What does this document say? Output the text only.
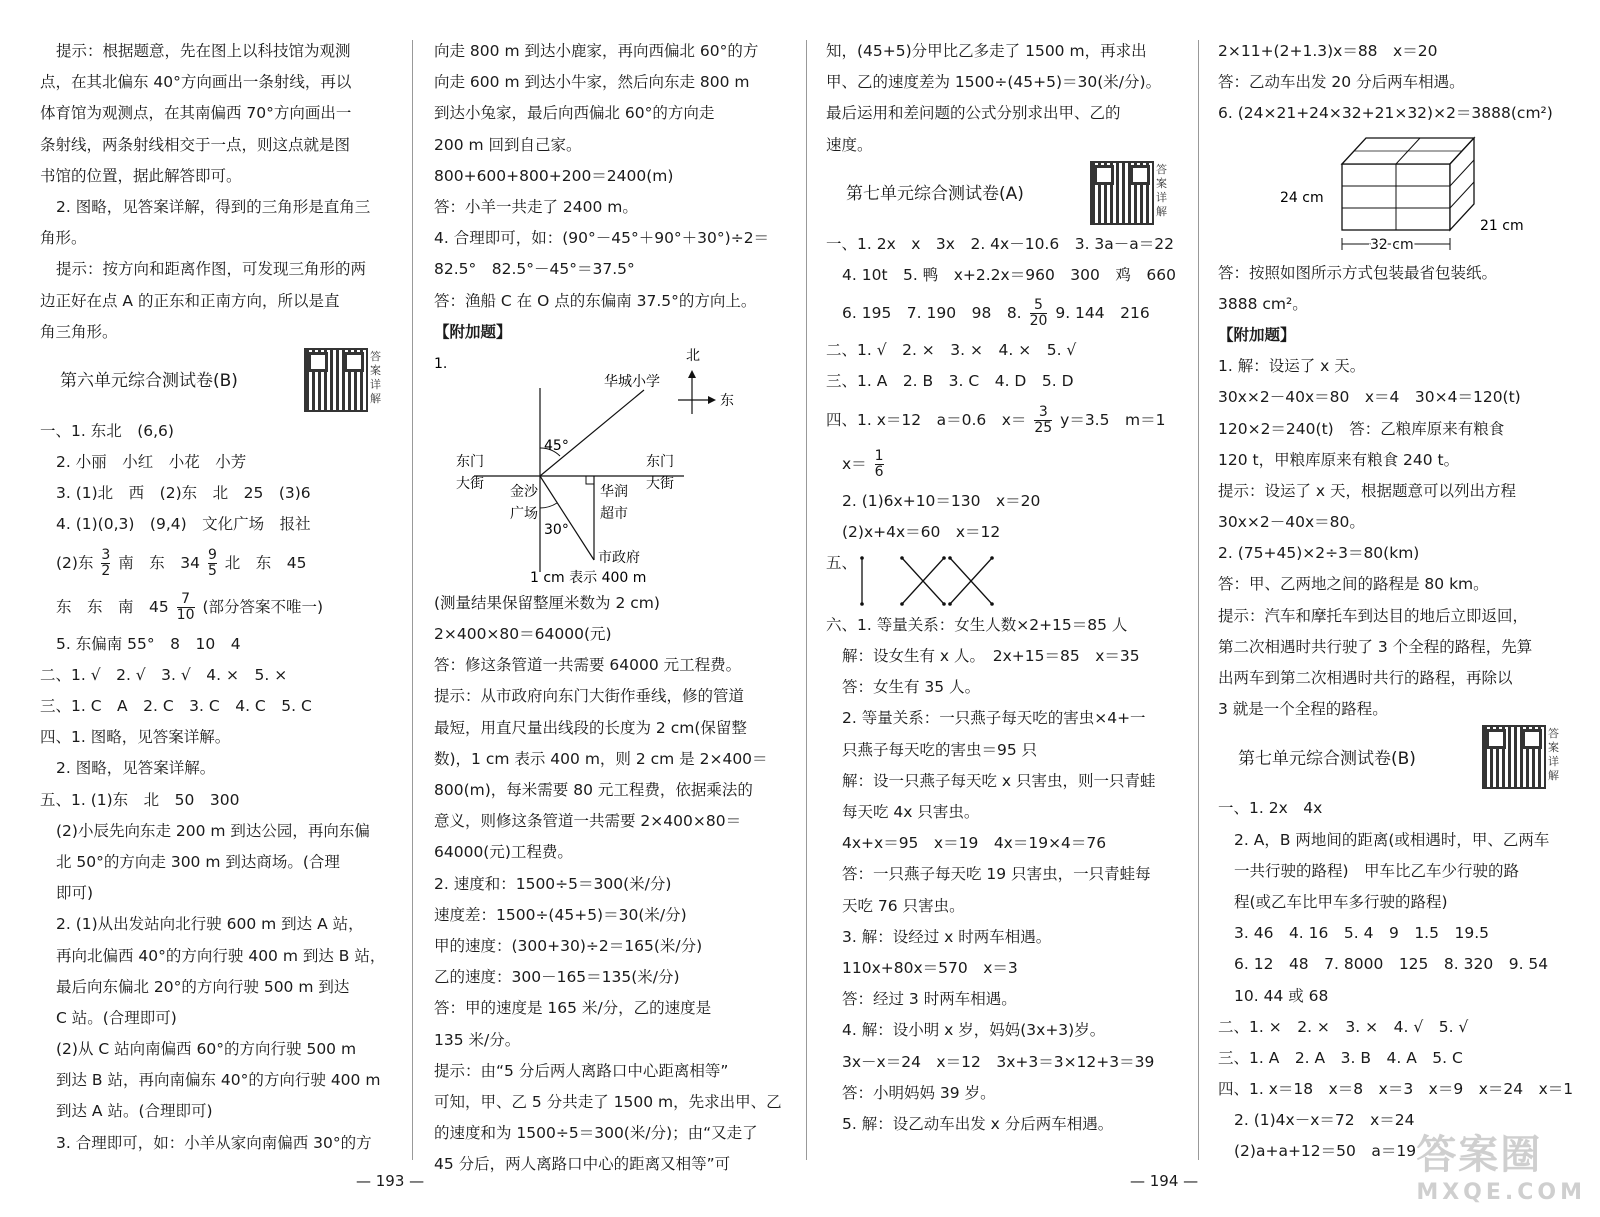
提示：根据题意，先在图上以科技馆为观测
点，在其北偏东 40°方向画出一条射线，再以
体育馆为观测点，在其南偏西 70°方向画出一
条射线，两条射线相交于一点，则这点就是图
书馆的位置，据此解答即可。
2. 图略，见答案详解，得到的三角形是直角三
角形。
提示：按方向和距离作图，可发现三角形的两
边正好在点 A 的正东和正南方向，所以是直
角三角形。
第六单元综合测试卷(B)
答案详解
一、1. 东北　(6,6)
2. 小丽　小红　小花　小芳
3. (1)北　西　(2)东　北　25　(3)6
4. (1)(0,3)　(9,4)　文化广场　报社
(2)东 $\frac{3}{2}$ 南　东　$34 \frac{9}{5}$ 北　东　45
东　东　南　$45 \frac{7}{10}$ (部分答案不唯一)
5. 东偏南 55°　8　10　4
二、1. √　2. √　3. √　4. ×　5. ×
三、1. C　A　2. C　3. C　4. C　5. C
四、1. 图略，见答案详解。
2. 图略，见答案详解。
五、1. (1)东　北　50　300
(2)小辰先向东走 200 m 到达公园，再向东偏
北 50°的方向走 300 m 到达商场。(合理
即可)
2. (1)从出发站向北行驶 600 m 到达 A 站，
再向北偏西 40°的方向行驶 400 m 到达 B 站，
最后向东偏北 20°的方向行驶 500 m 到达
C 站。(合理即可)
(2)从 C 站向南偏西 60°的方向行驶 500 m
到达 B 站，再向南偏东 40°的方向行驶 400 m
到达 A 站。(合理即可)
3. 合理即可，如：小羊从家向南偏西 30°的方
向走 800 m 到达小鹿家，再向西偏北 60°的方
向走 600 m 到达小牛家，然后向东走 800 m
到达小兔家，最后向西偏北 60°的方向走
200 m 回到自己家。
800+600+800+200＝2400(m)
答：小羊一共走了 2400 m。
4. 合理即可，如：(90°－45°＋90°＋30°)÷2＝
82.5°　82.5°－45°＝37.5°
答：渔船 C 在 O 点的东偏南 37.5°的方向上。
【附加题】
1.	北
东
45°
30°
华城小学
东门
大街 金沙
广场
华润
超市
东门
大街
市政府
1 cm 表示 400 m
(测量结果保留整厘米数为 2 cm)
2×400×80＝64000(元)
答：修这条管道一共需要 64000 元工程费。
提示：从市政府向东门大街作垂线，修的管道
最短，用直尺量出线段的长度为 2 cm(保留整
数)，1 cm 表示 400 m，则 2 cm 是 2×400＝
800(m)，每米需要 80 元工程费，依据乘法的
意义，则修这条管道一共需要 2×400×80＝
64000(元)工程费。
2. 速度和：1500÷5＝300(米/分)
速度差：1500÷(45+5)＝30(米/分)
甲的速度：(300+30)÷2＝165(米/分)
乙的速度：300－165＝135(米/分)
答：甲的速度是 165 米/分，乙的速度是
135 米/分。
提示：由“5 分后两人离路口中心距离相等”
可知，甲、乙 5 分共走了 1500 m，先求出甲、乙
的速度和为 1500÷5＝300(米/分)；由“又走了
45 分后，两人离路口中心的距离又相等”可
知，(45+5)分甲比乙多走了 1500 m，再求出
甲、乙的速度差为 1500÷(45+5)＝30(米/分)。
最后运用和差问题的公式分别求出甲、乙的
速度。
第七单元综合测试卷(A)
答案详解
一、1. 2x　x　3x　2. 4x－10.6　3. 3a－a＝22
4. 10t　5. 鸭　x+2.2x＝960　300　鸡　660
6. 195　7. 190　98　8. $\frac{5}{20} 9$. 144　216
二、1. √　2. ×　3. ×　4. ×　5. √
三、1. A　2. B　3. C　4. D　5. D
四、1. x＝12　a＝0.6　$x= \frac{3}{25} y=3.5$　m＝1
$x= \frac{1}{6}$
2. (1)6x+10＝130　x＝20
(2)x+4x＝60　x＝12
五、
六、1. 等量关系：女生人数×2+15＝85 人
解：设女生有 x 人。　2x+15＝85　x＝35
答：女生有 35 人。
2. 等量关系：一只燕子每天吃的害虫×4+一
只燕子每天吃的害虫＝95 只
解：设一只燕子每天吃 x 只害虫，则一只青蛙
每天吃 4x 只害虫。
4x+x＝95　x＝19　4x＝19×4＝76
答：一只燕子每天吃 19 只害虫，一只青蛙每
天吃 76 只害虫。
3. 解：设经过 x 时两车相遇。
110x+80x＝570　x＝3
答：经过 3 时两车相遇。
4. 解：设小明 x 岁，妈妈(3x+3)岁。
3x－x＝24　x＝12　3x+3＝3×12+3＝39
答：小明妈妈 39 岁。
5. 解：设乙动车出发 x 分后两车相遇。
2×11+(2+1.3)x＝88　x＝20
答：乙动车出发 20 分后两车相遇。
6. (24×21+24×32+21×32)×2＝3888(cm²)
32 cm
24 cm
21 cm
答：按照如图所示方式包装最省包装纸。
3888 cm²。
【附加题】
1. 解：设运了 x 天。
30x×2－40x＝80　x＝4　30×4＝120(t)
120×2＝240(t)　答：乙粮库原来有粮食
120 t，甲粮库原来有粮食 240 t。
提示：设运了 x 天，根据题意可以列出方程
30x×2－40x＝80。
2. (75+45)×2÷3＝80(km)
答：甲、乙两地之间的路程是 80 km。
提示：汽车和摩托车到达目的地后立即返回，
第二次相遇时共行驶了 3 个全程的路程，先算
出两车到第二次相遇时共行的路程，再除以
3 就是一个全程的路程。
第七单元综合测试卷(B)
答案详解
一、1. 2x　4x
2. A，B 两地间的距离(或相遇时，甲、乙两车
一共行驶的路程)　甲车比乙车少行驶的路
程(或乙车比甲车多行驶的路程)
3. 46　4. 16　5. 4　9　1.5　19.5
6. 12　48　7. 8000　125　8. 320　9. 54
10. 44 或 68
二、1. ×　2. ×　3. ×　4. √　5. √
三、1. A　2. A　3. B　4. A　5. C
四、1. x＝18　x＝8　x＝3　x＝9　x＝24　x＝1
2. (1)4x－x＝72　x＝24
(2)a+a+12＝50　a＝19
— 193 —	— 194 —
答案圈
MXQE.COM
